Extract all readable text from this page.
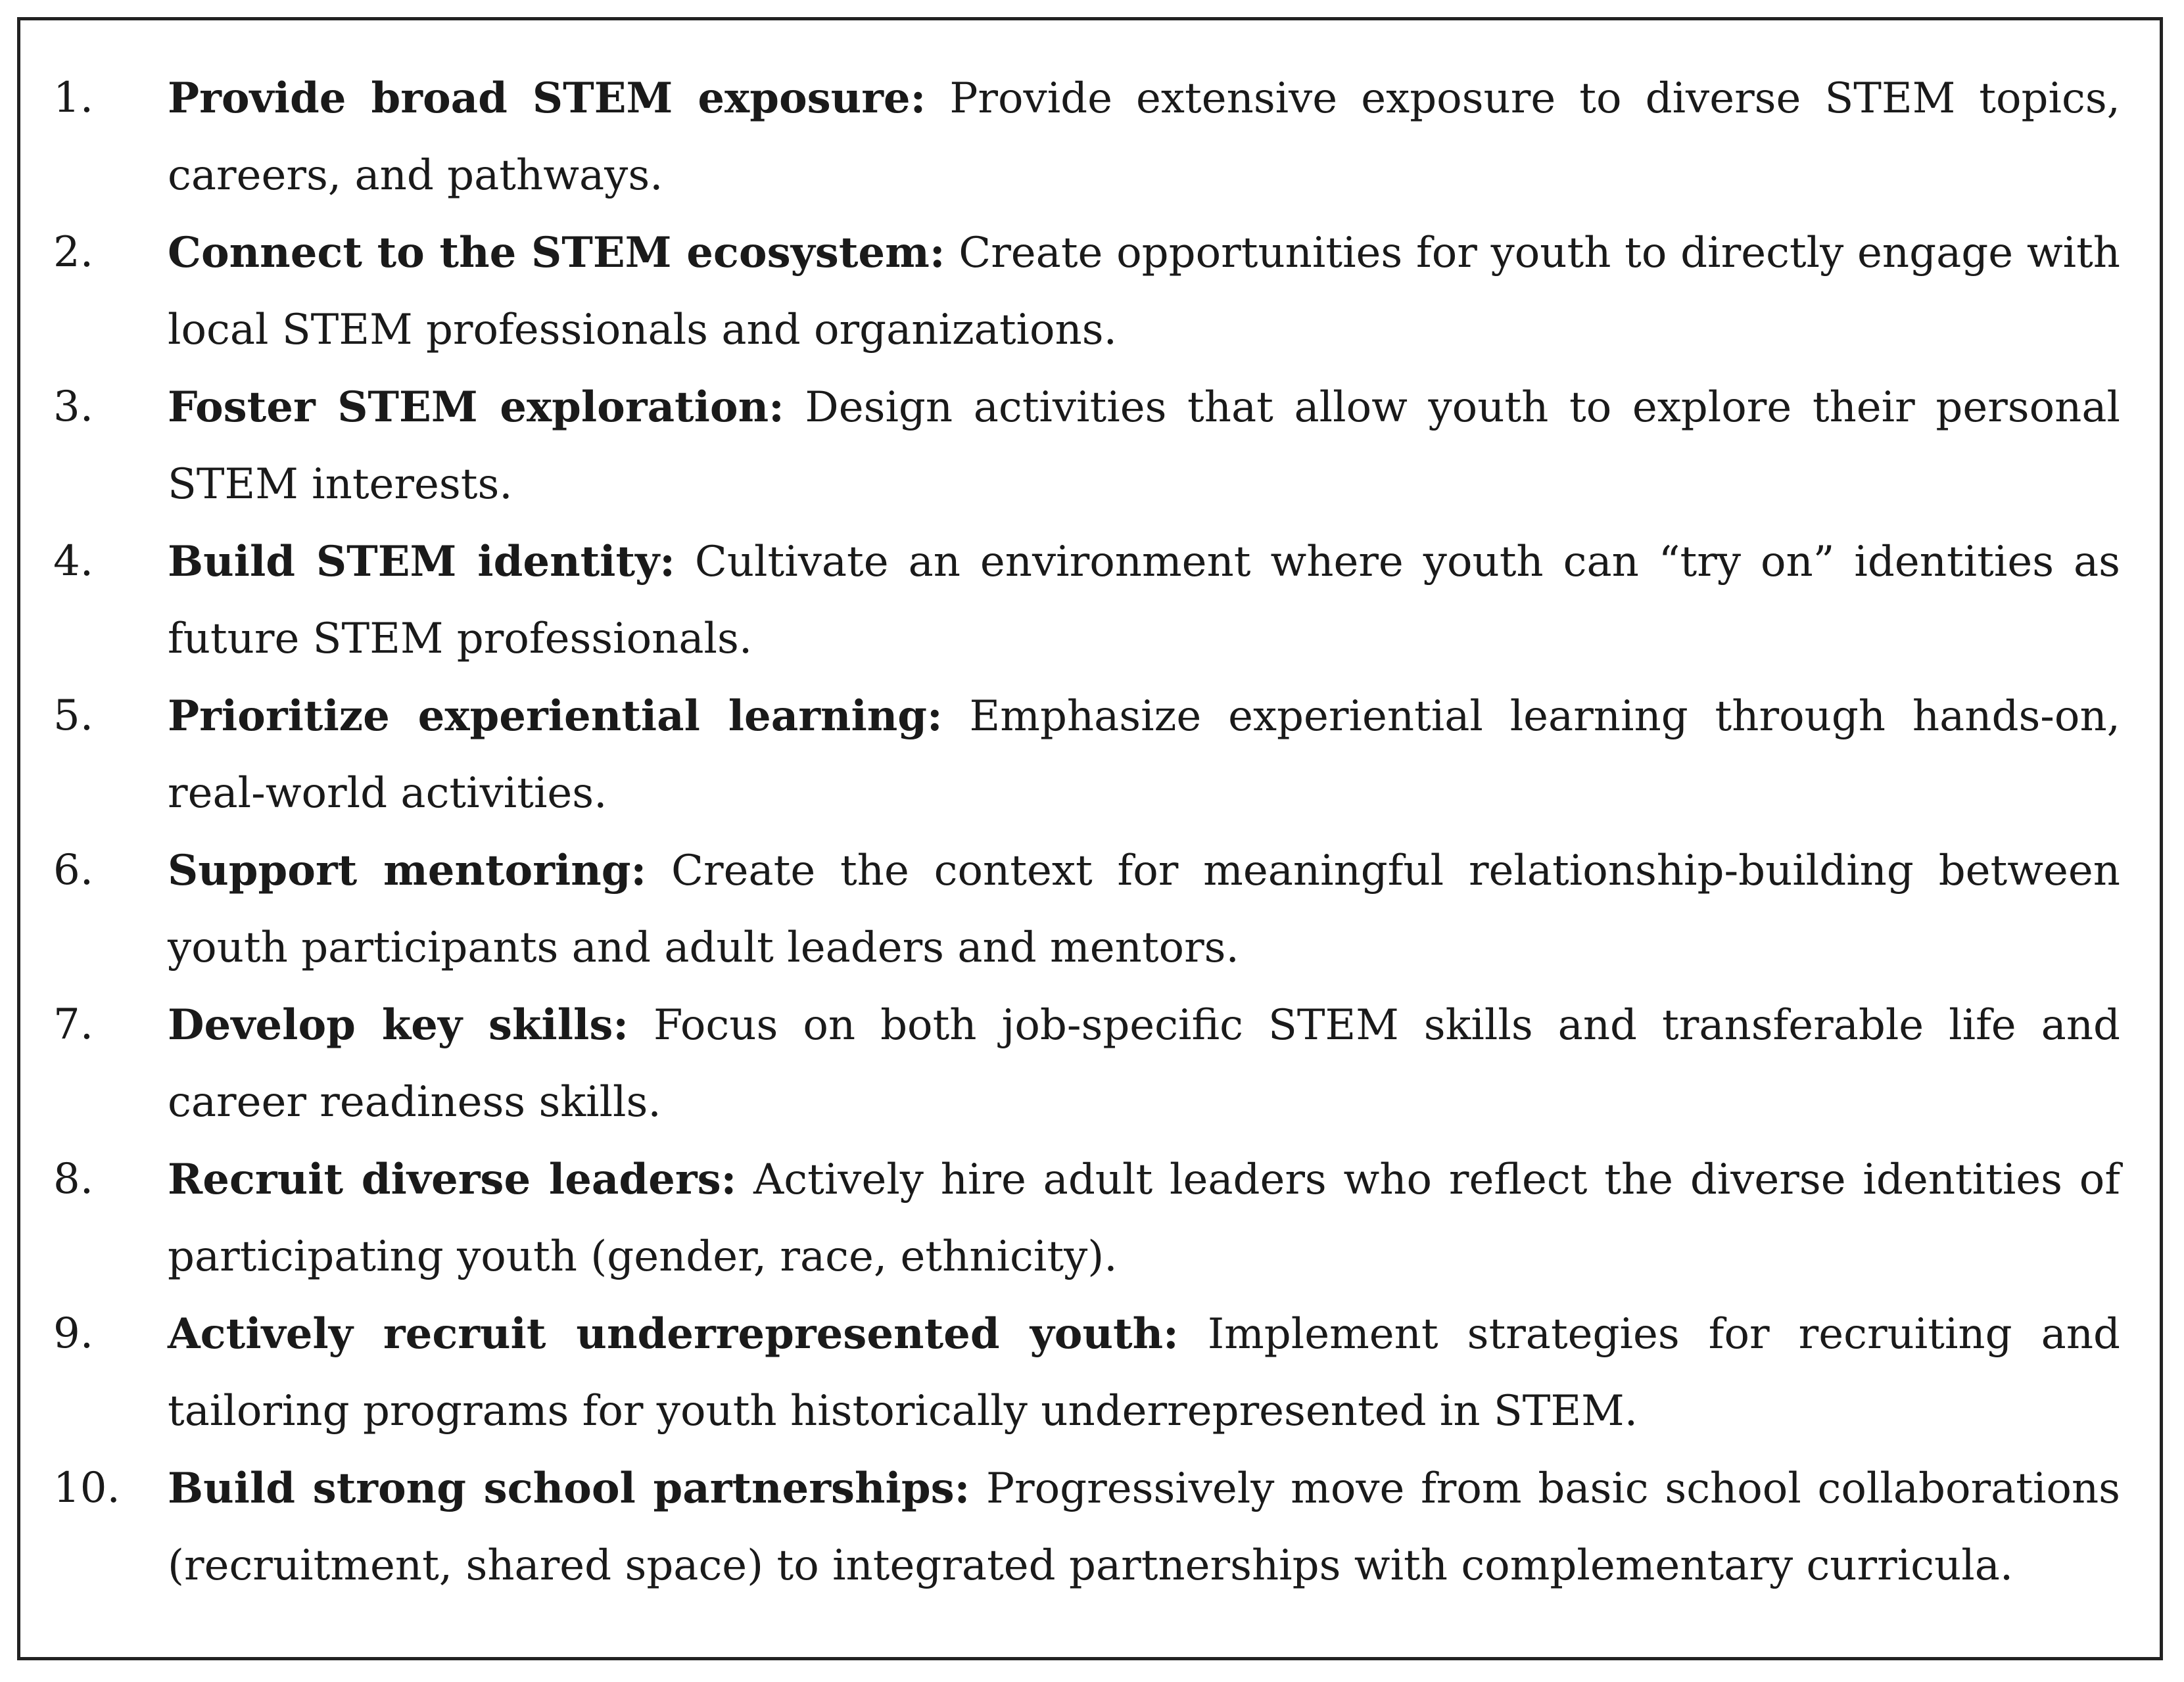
1.	Provide broad STEM exposure: Provide extensive exposure to diverse STEM topics, careers, and pathways.
2.	Connect to the STEM ecosystem: Create opportunities for youth to directly engage with local STEM professionals and organizations.
3.	Foster STEM exploration: Design activities that allow youth to explore their personal STEM interests.
4.	Build STEM identity: Cultivate an environment where youth can “try on” identities as future STEM professionals.
5.	Prioritize experiential learning: Emphasize experiential learning through hands-on, real-world activities.
6.	Support mentoring: Create the context for meaningful relationship-building between youth participants and adult leaders and mentors.
7.	Develop key skills: Focus on both job-specific STEM skills and transferable life and career readiness skills.
8.	Recruit diverse leaders: Actively hire adult leaders who reflect the diverse identities of participating youth (gender, race, ethnicity).
9.	Actively recruit underrepresented youth: Implement strategies for recruiting and tailoring programs for youth historically underrepresented in STEM.
10.	Build strong school partnerships: Progressively move from basic school collaborations (recruitment, shared space) to integrated partnerships with complementary curricula.
